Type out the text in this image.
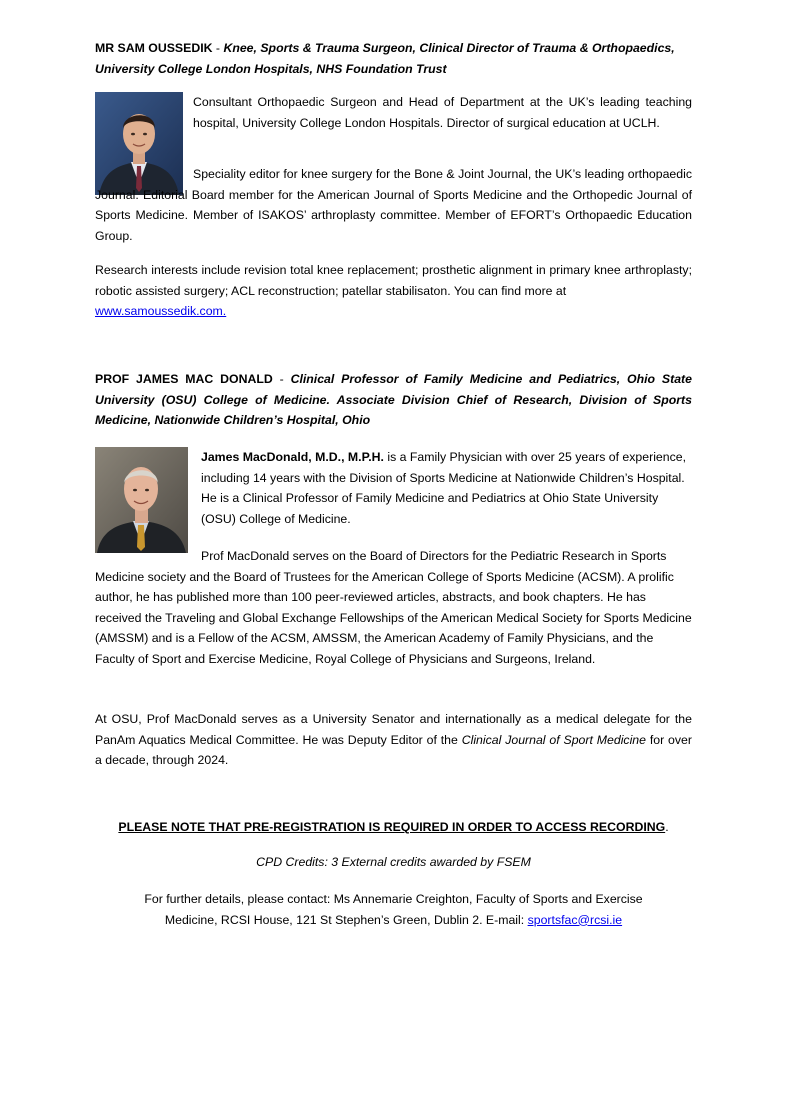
MR SAM OUSSEDIK - Knee, Sports & Trauma Surgeon, Clinical Director of Trauma & Orthopaedics,
University College London Hospitals, NHS Foundation Trust

Consultant Orthopaedic Surgeon and Head of Department at the UK’s leading teaching hospital, University College London Hospitals. Director of surgical education at UCLH.

Speciality editor for knee surgery for the Bone & Joint Journal, the UK’s leading orthopaedic Journal. Editorial Board member for the American Journal of Sports Medicine and the Orthopedic Journal of Sports Medicine. Member of ISAKOS’ arthroplasty committee. Member of EFORT’s Orthopaedic Education Group.

Research interests include revision total knee replacement; prosthetic alignment in primary knee arthroplasty; robotic assisted surgery; ACL reconstruction; patellar stabilisaton. You can find more at

www.samoussedik.com.

PROF JAMES MAC DONALD - Clinical Professor of Family Medicine and Pediatrics, Ohio State University (OSU) College of Medicine. Associate Division Chief of Research, Division of Sports Medicine, Nationwide Children’s Hospital, Ohio

James MacDonald, M.D., M.P.H. is a Family Physician with over 25 years of experience, including 14 years with the Division of Sports Medicine at Nationwide Children’s Hospital. He is a Clinical Professor of Family Medicine and Pediatrics at Ohio State University (OSU) College of Medicine.

Prof MacDonald serves on the Board of Directors for the Pediatric Research in Sports Medicine society and the Board of Trustees for the American College of Sports Medicine (ACSM). A prolific author, he has published more than 100 peer-reviewed articles, abstracts, and book chapters. He has received the Traveling and Global Exchange Fellowships of the American Medical Society for Sports Medicine (AMSSM) and is a Fellow of the ACSM, AMSSM, the American Academy of Family Physicians, and the Faculty of Sport and Exercise Medicine, Royal College of Physicians and Surgeons, Ireland.

At OSU, Prof MacDonald serves as a University Senator and internationally as a medical delegate for the PanAm Aquatics Medical Committee. He was Deputy Editor of the Clinical Journal of Sport Medicine for over a decade, through 2024.

PLEASE NOTE THAT PRE-REGISTRATION IS REQUIRED IN ORDER TO ACCESS RECORDING.

CPD Credits: 3 External credits awarded by FSEM

For further details, please contact: Ms Annemarie Creighton, Faculty of Sports and Exercise

Medicine, RCSI House, 121 St Stephen’s Green, Dublin 2. E-mail: sportsfac@rcsi.ie
